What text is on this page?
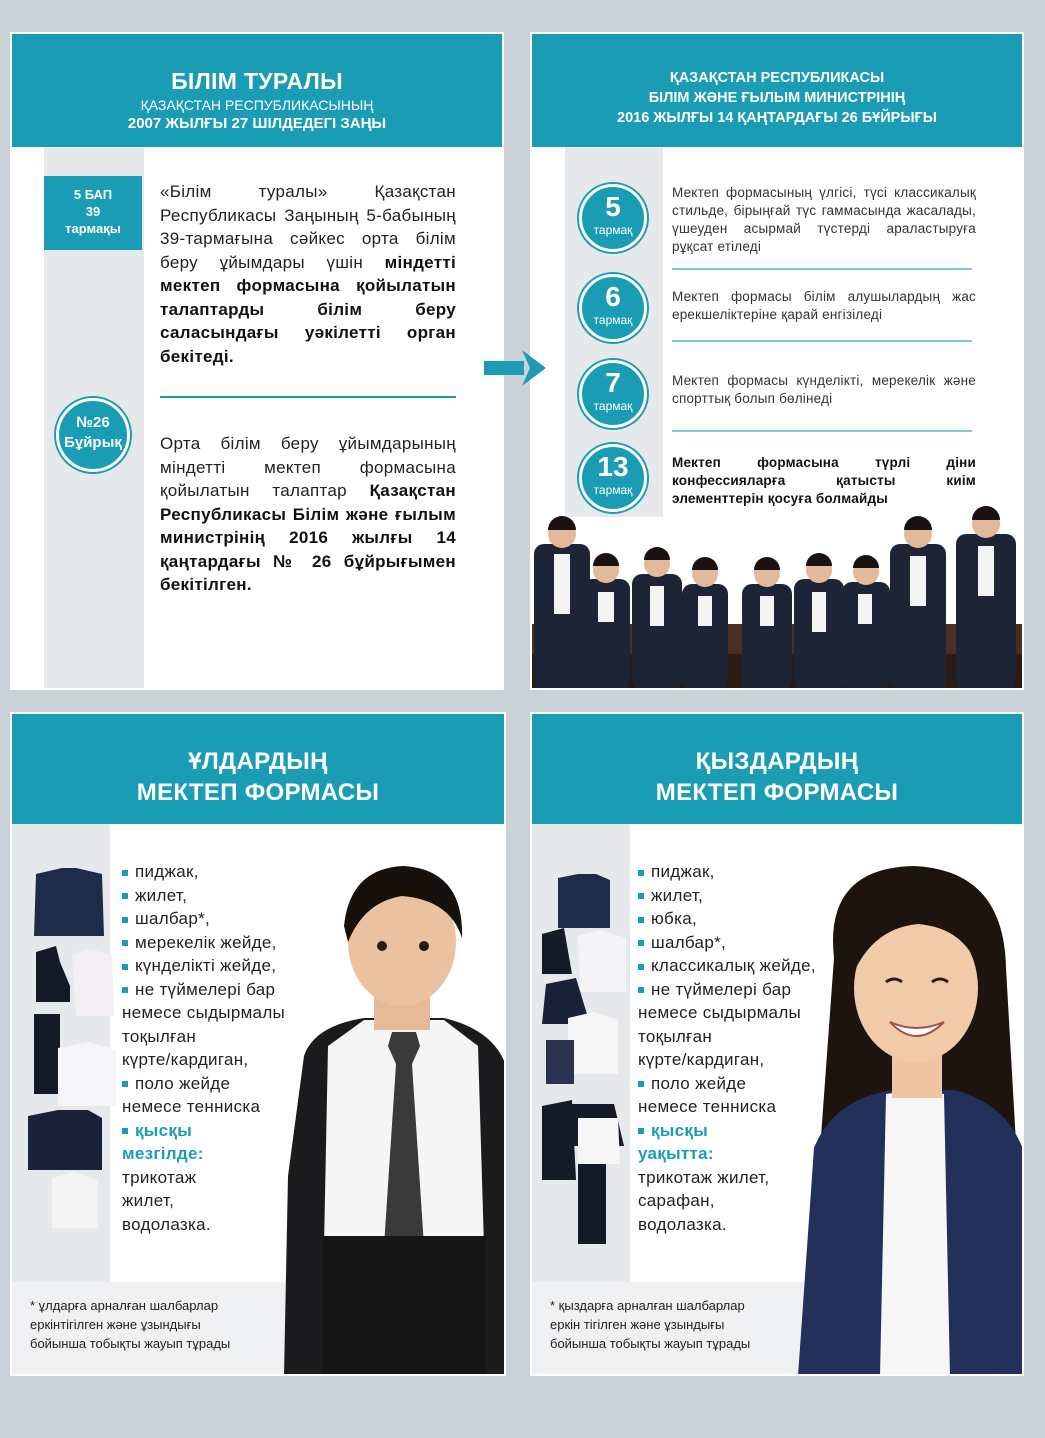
БІЛІМ ТУРАЛЫ
ҚАЗАҚСТАН РЕСПУБЛИКАСЫНЫҢ
2007 ЖЫЛҒЫ 27 ШІЛДЕДЕГІ ЗАҢЫ
5 БАП
39
тармақы
№26
Бұйрық
«Білім туралы» Қазақстан Республикасы Заңының 5-бабының 39-тармағына сәйкес орта білім беру ұйымдары үшін міндетті мектеп формасына қойылатын талаптарды білім беру саласындағы уәкілетті орган бекітеді.
Орта білім беру ұйымдарының міндетті мектеп формасына қойылатын талаптар Қазақстан Республикасы Білім және ғылым министрінің 2016 жылғы 14 қаңтардағы № 26 бұйрығымен бекітілген.
ҚАЗАҚСТАН РЕСПУБЛИКАСЫ
БІЛІМ ЖӘНЕ ҒЫЛЫМ МИНИСТРІНІҢ
2016 ЖЫЛҒЫ 14 ҚАҢТАРДАҒЫ 26 БҰЙРЫҒЫ
5
тармақ
Мектеп формасының үлгісі, түсі классикалық стильде, бірыңғай түс гаммасында жасалады, үшеуден асырмай түстерді араластыруға рұқсат етіледі
6
тармақ
Мектеп формасы білім алушылардың жас ерекшеліктеріне қарай енгізіледі
7
тармақ
Мектеп формасы күнделікті, мерекелік және спорттық болып бөлінеді
13
тармақ
Мектеп формасына түрлі діни конфессияларға қатысты киім элементтерін қосуға болмайды
ҰЛДАРДЫҢ
МЕКТЕП ФОРМАСЫ
пиджак,
жилет,
шалбар*,
мерекелік жейде,
күнделікті жейде,
не түймелері бар
немесе сыдырмалы
тоқылған
күрте/кардиган,
поло жейде
немесе тенниска
қысқы
мезгілде:
трикотаж
жилет,
водолазка.
* ұлдарға арналған шалбарлар
еркінтігілген және ұзындығы
бойынша тобықты жауып тұрады
ҚЫЗДАРДЫҢ
МЕКТЕП ФОРМАСЫ
пиджак,
жилет,
юбка,
шалбар*,
классикалық жейде,
не түймелері бар
немесе сыдырмалы
тоқылған
күрте/кардиган,
поло жейде
немесе тенниска
қысқы
уақытта:
трикотаж жилет,
сарафан,
водолазка.
* қыздарға арналған шалбарлар
еркін тігілген және ұзындығы
бойынша тобықты жауып тұрады
